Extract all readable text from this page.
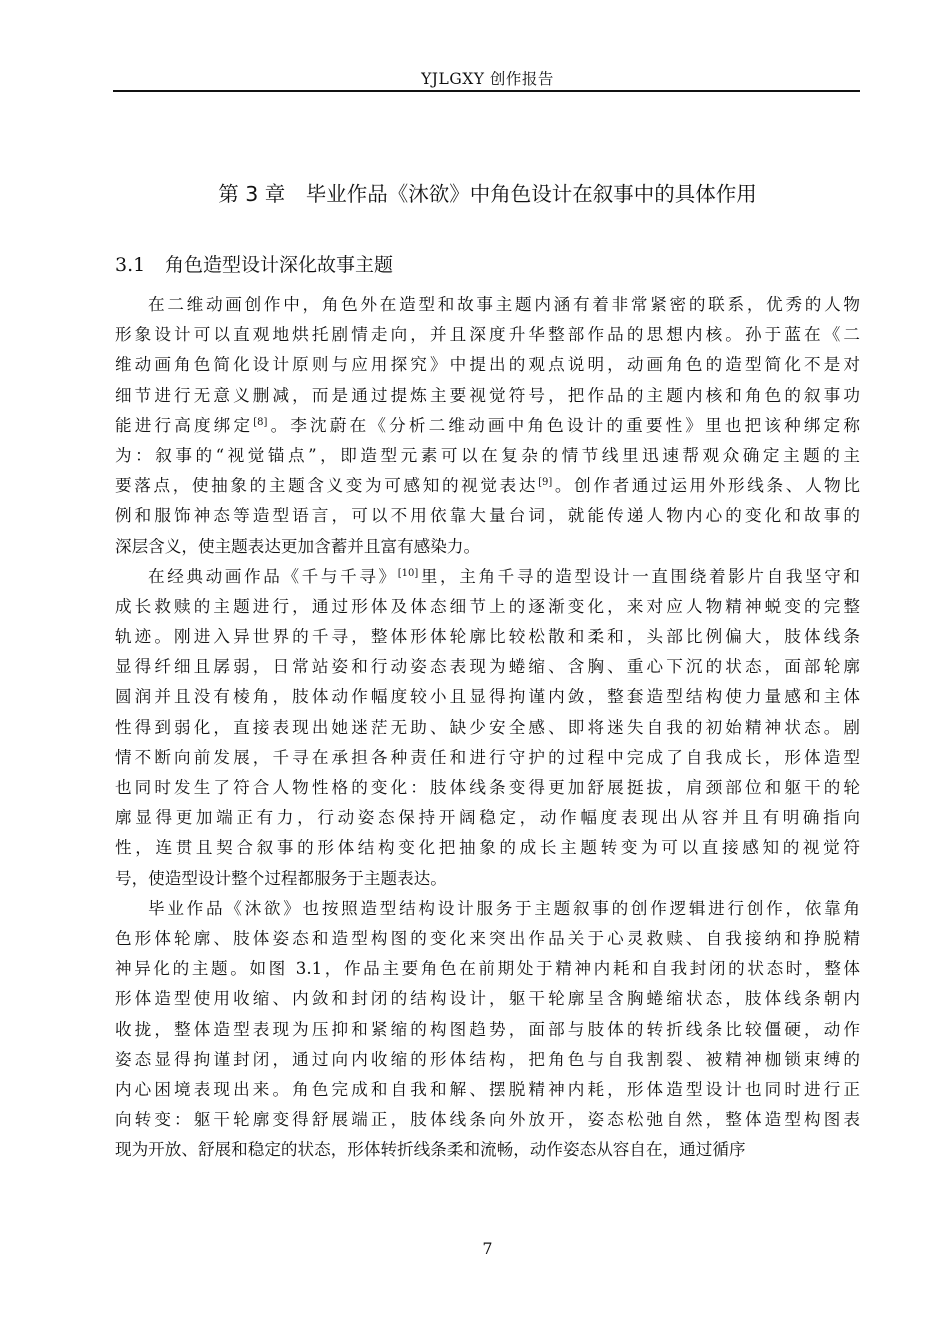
YJLGXY 创作报告
第 3 章　毕业作品《沐欲》中角色设计在叙事中的具体作用
3.1 角色造型设计深化故事主题
在二维动画创作中，角色外在造型和故事主题内涵有着非常紧密的联系，优秀的人物
形象设计可以直观地烘托剧情走向，并且深度升华整部作品的思想内核。孙于蓝在《二
维动画角色简化设计原则与应用探究》中提出的观点说明，动画角色的造型简化不是对
细节进行无意义删减，而是通过提炼主要视觉符号，把作品的主题内核和角色的叙事功
能进行高度绑定[8]。李沈蔚在《分析二维动画中角色设计的重要性》里也把该种绑定称
为：叙事的“视觉锚点”，即造型元素可以在复杂的情节线里迅速帮观众确定主题的主
要落点，使抽象的主题含义变为可感知的视觉表达[9]。创作者通过运用外形线条、人物比
例和服饰神态等造型语言，可以不用依靠大量台词，就能传递人物内心的变化和故事的
深层含义，使主题表达更加含蓄并且富有感染力。
在经典动画作品《千与千寻》[10]里，主角千寻的造型设计一直围绕着影片自我坚守和
成长救赎的主题进行，通过形体及体态细节上的逐渐变化，来对应人物精神蜕变的完整
轨迹。刚进入异世界的千寻，整体形体轮廓比较松散和柔和，头部比例偏大，肢体线条
显得纤细且孱弱，日常站姿和行动姿态表现为蜷缩、含胸、重心下沉的状态，面部轮廓
圆润并且没有棱角，肢体动作幅度较小且显得拘谨内敛，整套造型结构使力量感和主体
性得到弱化，直接表现出她迷茫无助、缺少安全感、即将迷失自我的初始精神状态。剧
情不断向前发展，千寻在承担各种责任和进行守护的过程中完成了自我成长，形体造型
也同时发生了符合人物性格的变化：肢体线条变得更加舒展挺拔，肩颈部位和躯干的轮
廓显得更加端正有力，行动姿态保持开阔稳定，动作幅度表现出从容并且有明确指向
性，连贯且契合叙事的形体结构变化把抽象的成长主题转变为可以直接感知的视觉符
号，使造型设计整个过程都服务于主题表达。
毕业作品《沐欲》也按照造型结构设计服务于主题叙事的创作逻辑进行创作，依靠角
色形体轮廓、肢体姿态和造型构图的变化来突出作品关于心灵救赎、自我接纳和挣脱精
神异化的主题。如图 3.1，作品主要角色在前期处于精神内耗和自我封闭的状态时，整体
形体造型使用收缩、内敛和封闭的结构设计，躯干轮廓呈含胸蜷缩状态，肢体线条朝内
收拢，整体造型表现为压抑和紧缩的构图趋势，面部与肢体的转折线条比较僵硬，动作
姿态显得拘谨封闭，通过向内收缩的形体结构，把角色与自我割裂、被精神枷锁束缚的
内心困境表现出来。角色完成和自我和解、摆脱精神内耗，形体造型设计也同时进行正
向转变：躯干轮廓变得舒展端正，肢体线条向外放开，姿态松弛自然，整体造型构图表
现为开放、舒展和稳定的状态，形体转折线条柔和流畅，动作姿态从容自在，通过循序
7
